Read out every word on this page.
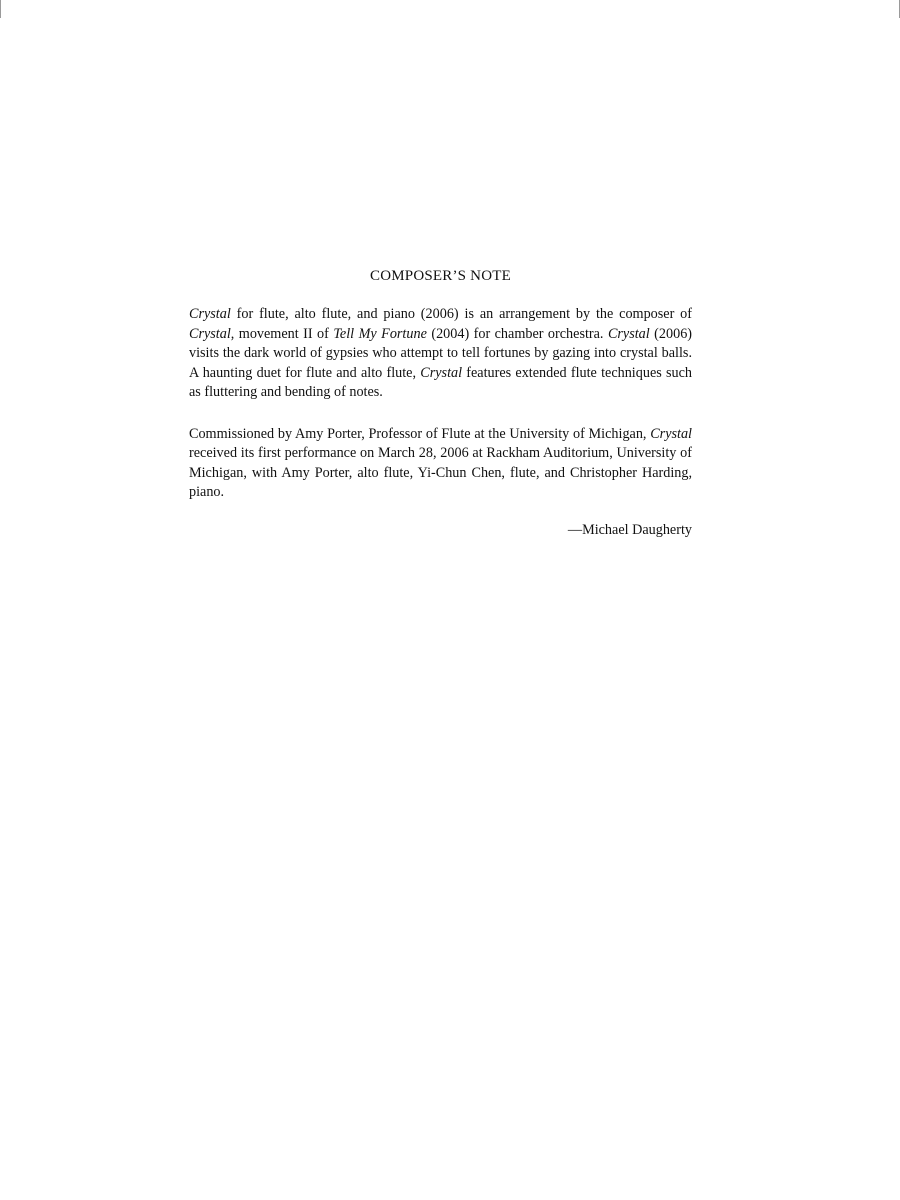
COMPOSER’S NOTE

Crystal for flute, alto flute, and piano (2006) is an arrangement by the composer of Crystal, movement II of Tell My Fortune (2004) for chamber orchestra. Crystal (2006) visits the dark world of gypsies who attempt to tell fortunes by gazing into crystal balls. A haunting duet for flute and alto flute, Crystal features extended flute techniques such as fluttering and bending of notes.

Commissioned by Amy Porter, Professor of Flute at the University of Michigan, Crystal received its first performance on March 28, 2006 at Rackham Auditorium, University of Michigan, with Amy Porter, alto flute, Yi-Chun Chen, flute, and Christopher Harding, piano.

—Michael Daugherty
